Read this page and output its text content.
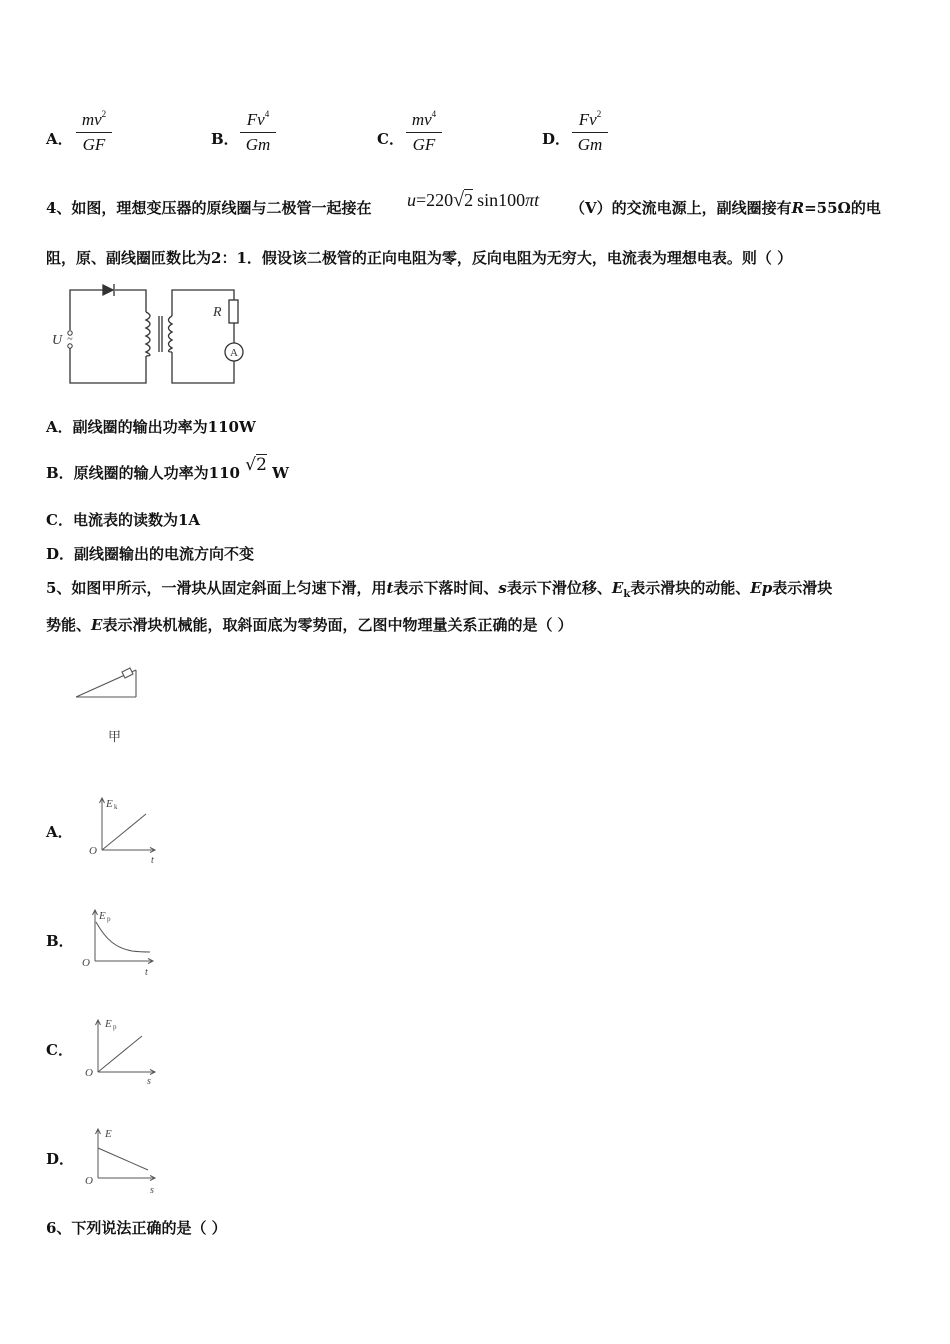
A．
$mv^2$
GF	B．
Fv$^4$
Gm	C．
$mv^4$
GF	D．
Fv$^2$
Gm
4、如图，理想变压器的原线圈与二极管一起接在 u=220√2 sin100πt （V）的交流电源上，副线圈接有R=55Ω的电
阻，原、副线圈匝数比为2：1．假设该二极管的正向电阻为零，反向电阻为无穷大，电流表为理想电表。则（ ）
~
U
R
A
A．副线圈的输出功率为110W
B．原线圈的输人功率为110 √2 W
C．电流表的读数为1A
D．副线圈输出的电流方向不变
5、如图甲所示，一滑块从固定斜面上匀速下滑，用t表示下落时间、s表示下滑位移、$E_k$表示滑块的动能、Ep表示滑块
势能、E表示滑块机械能，取斜面底为零势面，乙图中物理量关系正确的是（ ）
甲
A．
E k
O
t
B．
E p
O
t
C．
E p
O
s
D．
E
O
s
6、下列说法正确的是（ ）
